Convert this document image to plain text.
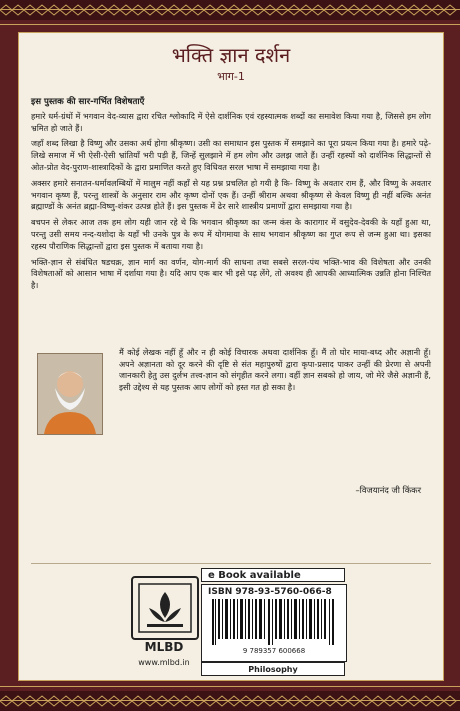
भक्ति ज्ञान दर्शन
भाग-1
इस पुस्तक की सार-गर्भित विशेषताएँ

हमारे धर्म-ग्रंथों में भगवान वेद-व्यास द्वारा रचित श्लोकादि में ऐसे दार्शनिक एवं रहस्यात्मक शब्दों का समावेश किया गया है, जिससे हम लोग भ्रमित हो जाते हैं।

जहाँ शब्द लिखा है विष्णु और उसका अर्थ होगा श्रीकृष्ण। उसी का समाधान इस पुस्तक में समझाने का पूरा प्रयत्न किया गया है। हमारे पढ़े-लिखे समाज में भी ऐसी-ऐसी भ्रांतियाँ भरी पड़ी हैं, जिन्हें सुलझाने में हम लोग और उलझ जाते हैं। उन्हीं रहस्यों को दार्शनिक सिद्धान्तों से ओत-प्रोत वेद-पुराण-शास्त्रादिकों के द्वारा प्रमाणित करते हुए विधिवत सरल भाषा में समझाया गया है।

अक्सर हमारे सनातन-धर्मावलम्बियों में मालुम नहीं कहाँ से यह प्रश्न प्रचलित हो गयी है कि- विष्णु के अवतार राम हैं, और विष्णु के अवतार भगवान कृष्ण हैं, परन्तु शास्त्रों के अनुसार राम और कृष्ण दोनों एक हैं। उन्हीं श्रीराम अथवा श्रीकृष्ण से केवल विष्णु ही नहीं बल्कि अनंत ब्रह्माण्डों के अनंत ब्रह्मा-विष्णु-शंकर उत्पन्न होते हैं। इस पुस्तक में ढेर सारे शास्त्रीय प्रमाणों द्वारा समझाया गया है।

बचपन से लेकर आज तक हम लोग यही जान रहे थे कि भगवान श्रीकृष्ण का जन्म कंस के कारागार में वसुदेव-देवकी के यहाँ हुआ था, परन्तु उसी समय नन्द-यशोदा के यहाँ भी उनके पुत्र के रूप में योगमाया के साथ भगवान श्रीकृष्ण का गुप्त रूप से जन्म हुआ था। इसका रहस्य पौराणिक सिद्धान्तों द्वारा इस पुस्तक में बताया गया है।

भक्ति-ज्ञान से संबंधित षडचक्र, ज्ञान मार्ग का वर्णन, योग-मार्ग की साधना तथा सबसे सरल-पंथ भक्ति-भाव की विशेषता और उनकी विशेषताओं को आसान भाषा में दर्शाया गया है। यदि आप एक बार भी इसे पढ़ लेंगे, तो अवश्य ही आपकी आध्यात्मिक उन्नति होना निश्चित है।

मैं कोई लेखक नहीं हूँ और न ही कोई विचारक अथवा दार्शनिक हूँ। मैं तो घोर माया-बध्द और अज्ञानी हूँ। अपने अज्ञानता को दूर करने की दृष्टि से संत महापुरुषों द्वारा कृपा-प्रसाद पाकर उन्हीं की प्रेरणा से अपनी जानकारी हेतु उस दुर्लभ तत्त्व-ज्ञान को संगृहीत करने लगा। वहीं ज्ञान सबको हो जाय, जो मेरे जैसे अज्ञानी हैं, इसी उद्देश्य से यह पुस्तक आप लोगों को हस्त गत हो सका है।
–विजयानंद जी किंकर
MLBD
www.mlbd.in
e Book available
ISBN 978-93-5760-066-8
9 789357 600668
Philosophy
